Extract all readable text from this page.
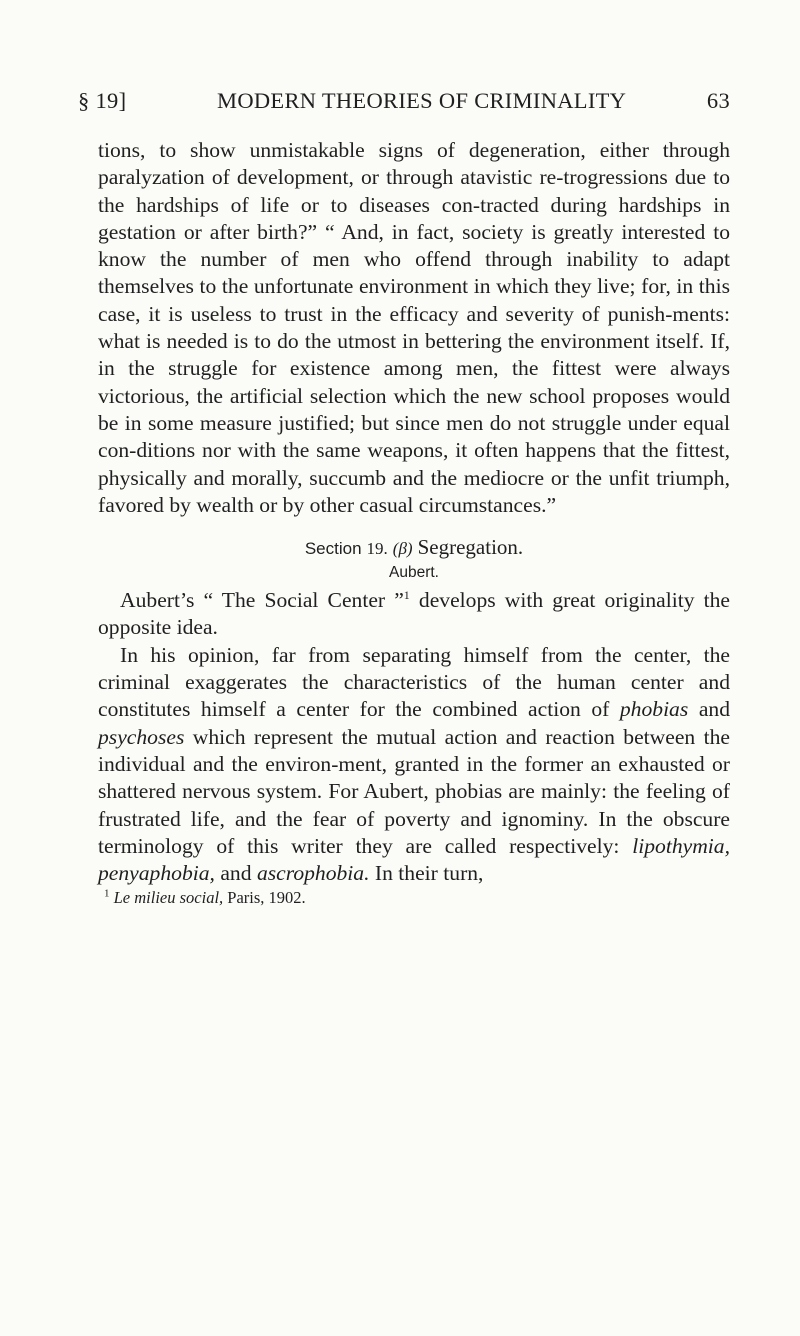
§ 19]	MODERN THEORIES OF CRIMINALITY	63

tions, to show unmistakable signs of degeneration, either through paralyzation of development, or through atavistic re-trogressions due to the hardships of life or to diseases con-tracted during hardships in gestation or after birth?” “ And, in fact, society is greatly interested to know the number of men who offend through inability to adapt themselves to the unfortunate environment in which they live; for, in this case, it is useless to trust in the efficacy and severity of punish-ments: what is needed is to do the utmost in bettering the environment itself. If, in the struggle for existence among men, the fittest were always victorious, the artificial selection which the new school proposes would be in some measure justified; but since men do not struggle under equal con-ditions nor with the same weapons, it often happens that the fittest, physically and morally, succumb and the mediocre or the unfit triumph, favored by wealth or by other casual circumstances.”

Section 19. (β) Segregation.
Aubert.

Aubert’s “ The Social Center ”$^1$ develops with great originality the opposite idea.

In his opinion, far from separating himself from the center, the criminal exaggerates the characteristics of the human center and constitutes himself a center for the combined action of phobias and psychoses which represent the mutual action and reaction between the individual and the environ-ment, granted in the former an exhausted or shattered nervous system. For Aubert, phobias are mainly: the feeling of frustrated life, and the fear of poverty and ignominy. In the obscure terminology of this writer they are called respectively: lipothymia, penyaphobia, and ascrophobia. In their turn,

$^1$ Le milieu social, Paris, 1902.
